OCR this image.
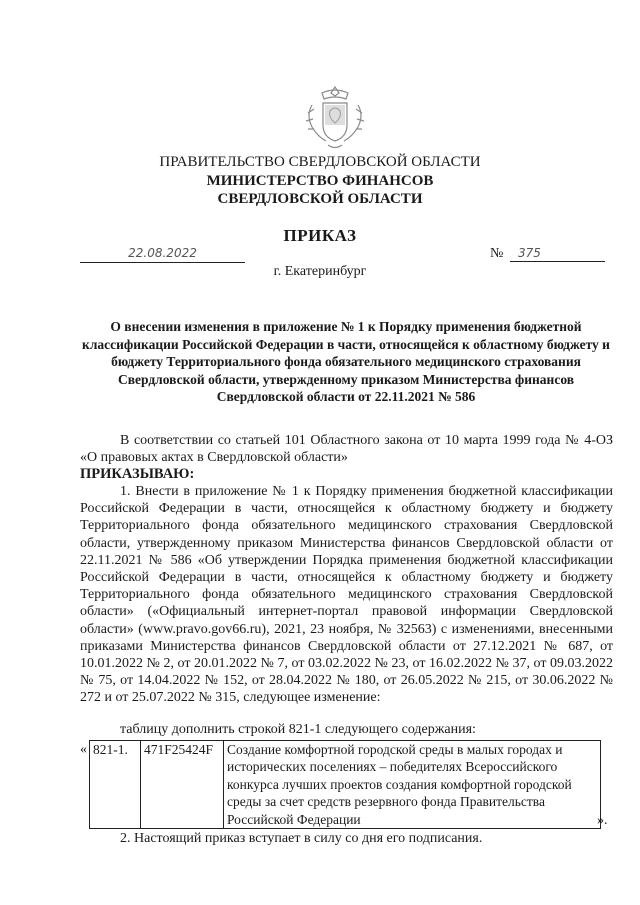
ПРАВИТЕЛЬСТВО СВЕРДЛОВСКОЙ ОБЛАСТИ
МИНИСТЕРСТВО ФИНАНСОВ
СВЕРДЛОВСКОЙ ОБЛАСТИ
ПРИКАЗ
22.08.2022	№	375
г. Екатеринбург
О внесении изменения в приложение № 1 к Порядку применения бюджетной классификации Российской Федерации в части, относящейся к областному бюджету и бюджету Территориального фонда обязательного медицинского страхования Свердловской области, утвержденному приказом Министерства финансов Свердловской области от 22.11.2021 № 586
В соответствии со статьей 101 Областного закона от 10 марта 1999 года № 4-ОЗ «О правовых актах в Свердловской области»
ПРИКАЗЫВАЮ:
1. Внести в приложение № 1 к Порядку применения бюджетной классификации Российской Федерации в части, относящейся к областному бюджету и бюджету Территориального фонда обязательного медицинского страхования Свердловской области, утвержденному приказом Министерства финансов Свердловской области от 22.11.2021 № 586 «Об утверждении Порядка применения бюджетной классификации Российской Федерации в части, относящейся к областному бюджету и бюджету Территориального фонда обязательного медицинского страхования Свердловской области» («Официальный интернет-портал правовой информации Свердловской области» (www.pravo.gov66.ru), 2021, 23 ноября, № 32563) с изменениями, внесенными приказами Министерства финансов Свердловской области от 27.12.2021 № 687, от 10.01.2022 № 2, от 20.01.2022 № 7, от 03.02.2022 № 23, от 16.02.2022 № 37, от 09.03.2022 № 75, от 14.04.2022 № 152, от 28.04.2022 № 180, от 26.05.2022 № 215, от 30.06.2022 № 272 и от 25.07.2022 № 315, следующее изменение:
таблицу дополнить строкой 821-1 следующего содержания:
« 821-1.	471F25424F	Создание комфортной городской среды в малых городах и исторических поселениях – победителях Всероссийского конкурса лучших проектов создания комфортной городской среды за счет средств резервного фонда Правительства Российской Федерации	».
2. Настоящий приказ вступает в силу со дня его подписания.
